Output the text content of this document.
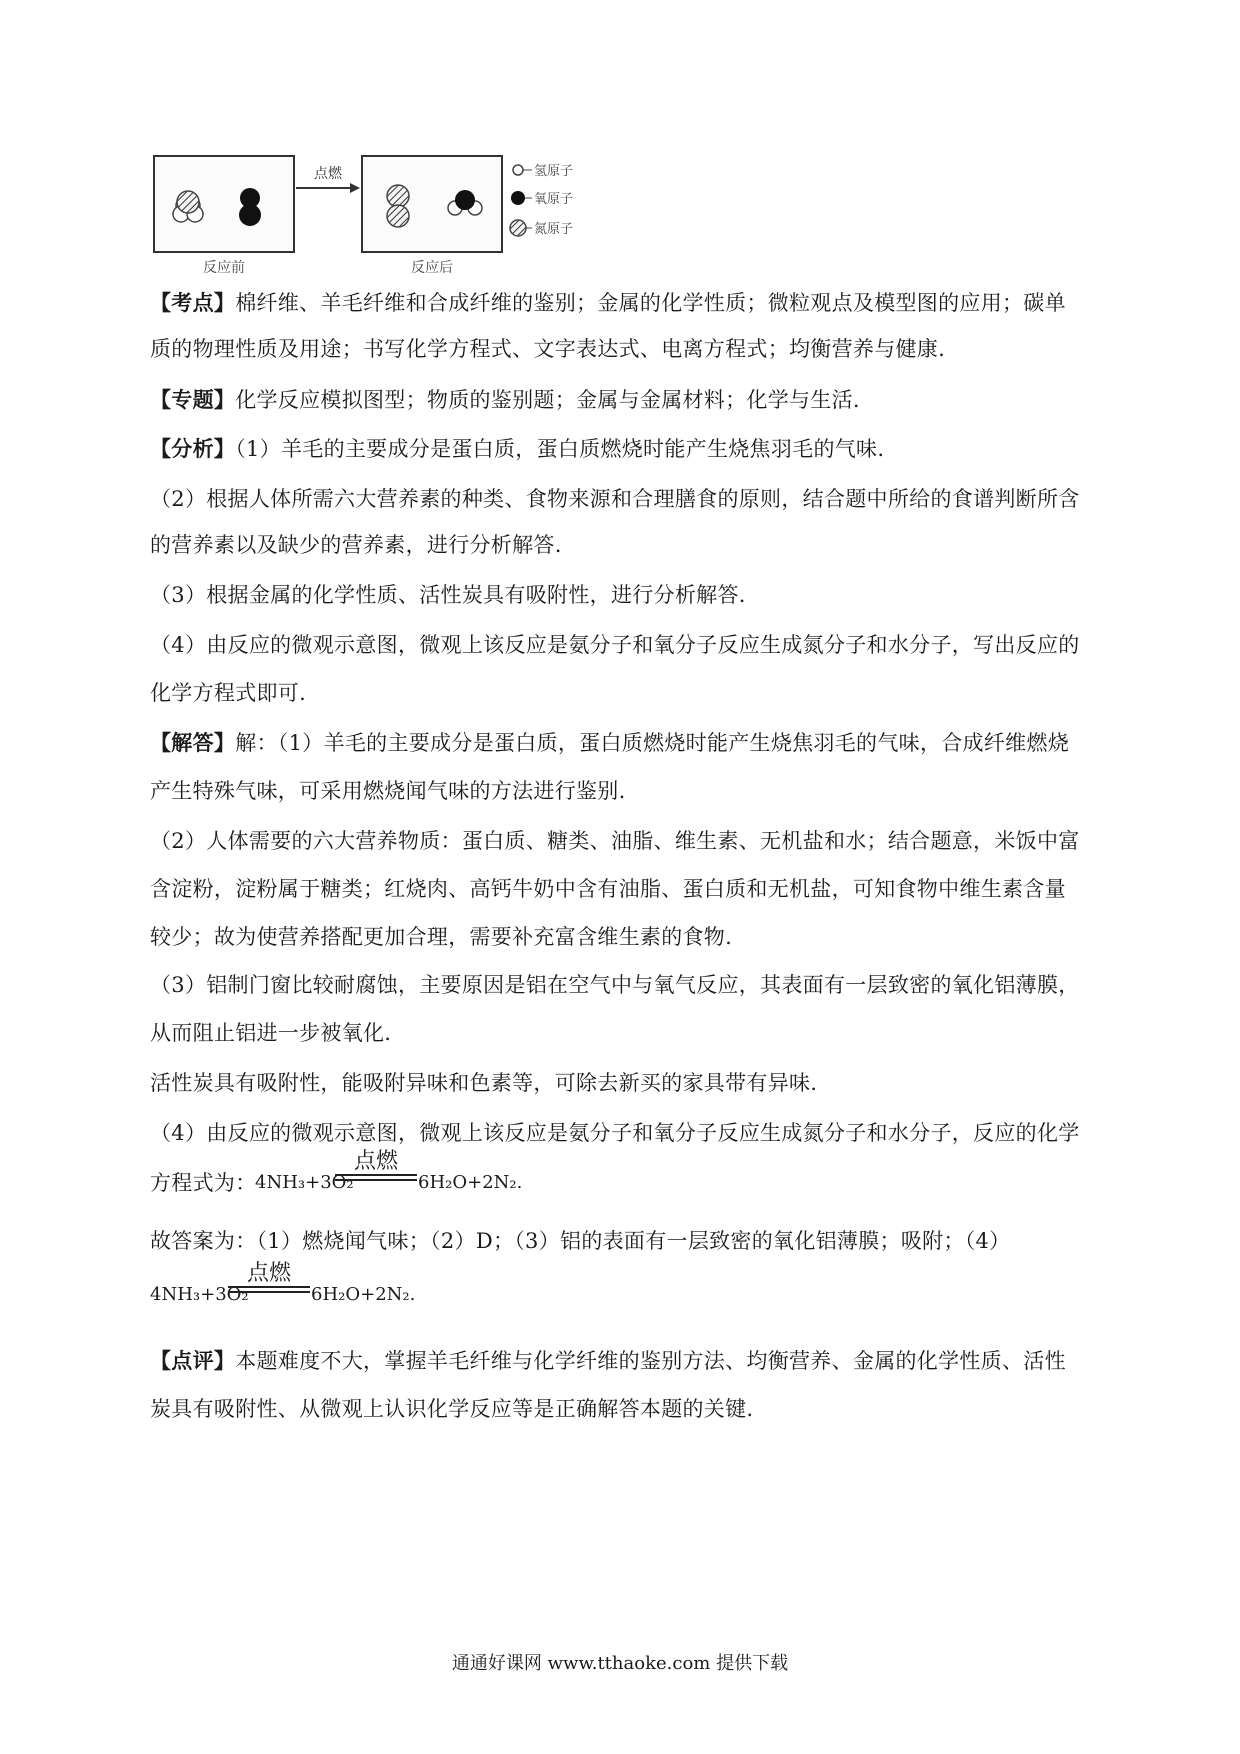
点燃	氢原子
氧原子
氮原子
反应前	反应后
【考点】棉纤维、羊毛纤维和合成纤维的鉴别；金属的化学性质；微粒观点及模型图的应用；碳单
质的物理性质及用途；书写化学方程式、文字表达式、电离方程式；均衡营养与健康.
【专题】化学反应模拟图型；物质的鉴别题；金属与金属材料；化学与生活.
【分析】（1）羊毛的主要成分是蛋白质，蛋白质燃烧时能产生烧焦羽毛的气味.
（2）根据人体所需六大营养素的种类、食物来源和合理膳食的原则，结合题中所给的食谱判断所含
的营养素以及缺少的营养素，进行分析解答.
（3）根据金属的化学性质、活性炭具有吸附性，进行分析解答.
（4）由反应的微观示意图，微观上该反应是氨分子和氧分子反应生成氮分子和水分子，写出反应的
化学方程式即可.
【解答】解：（1）羊毛的主要成分是蛋白质，蛋白质燃烧时能产生烧焦羽毛的气味，合成纤维燃烧
产生特殊气味，可采用燃烧闻气味的方法进行鉴别.
（2）人体需要的六大营养物质：蛋白质、糖类、油脂、维生素、无机盐和水；结合题意，米饭中富
含淀粉，淀粉属于糖类；红烧肉、高钙牛奶中含有油脂、蛋白质和无机盐，可知食物中维生素含量
较少；故为使营养搭配更加合理，需要补充富含维生素的食物.
（3）铝制门窗比较耐腐蚀，主要原因是铝在空气中与氧气反应，其表面有一层致密的氧化铝薄膜，
从而阻止铝进一步被氧化.
活性炭具有吸附性，能吸附异味和色素等，可除去新买的家具带有异味.
（4）由反应的微观示意图，微观上该反应是氨分子和氧分子反应生成氮分子和水分子，反应的化学
方程式为：
4NH₃+3O₂
点燃
6H₂O+2N₂.
故答案为：（1）燃烧闻气味；（2）D；（3）铝的表面有一层致密的氧化铝薄膜；吸附；（4）
4NH₃+3O₂
点燃
6H₂O+2N₂.
【点评】本题难度不大，掌握羊毛纤维与化学纤维的鉴别方法、均衡营养、金属的化学性质、活性
炭具有吸附性、从微观上认识化学反应等是正确解答本题的关键.
通通好课网 www.tthaoke.com 提供下载
